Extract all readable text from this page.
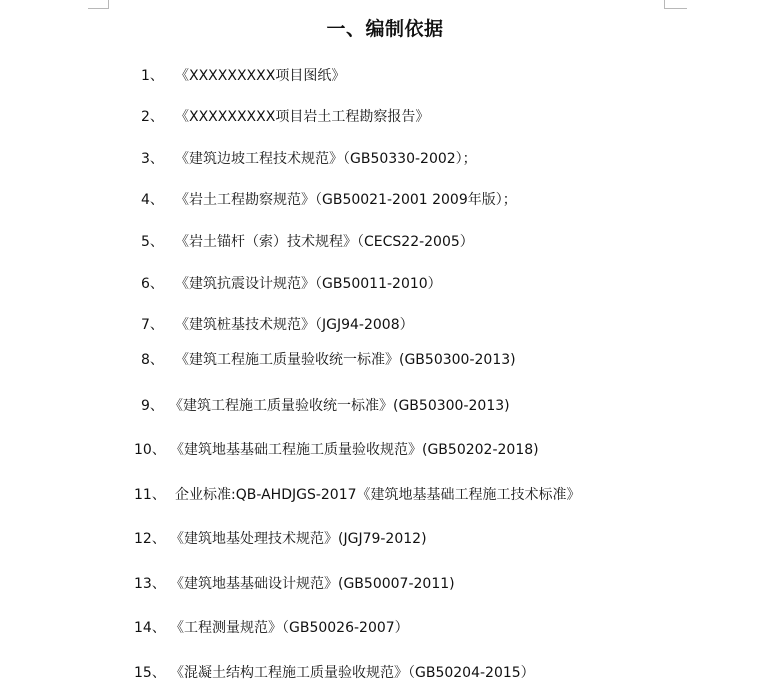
一、编制依据
1、 《XXXXXXXXX项目图纸》
2、 《XXXXXXXXX项目岩土工程勘察报告》
3、 《建筑边坡工程技术规范》（GB50330-2002）；
4、 《岩土工程勘察规范》（GB50021-2001 2009年版）；
5、 《岩土锚杆（索）技术规程》（CECS22-2005）
6、 《建筑抗震设计规范》（GB50011-2010）
7、 《建筑桩基技术规范》（JGJ94-2008）
8、 《建筑工程施工质量验收统一标准》(GB50300-2013)
9、 《建筑工程施工质量验收统一标准》(GB50300-2013)
10、 《建筑地基基础工程施工质量验收规范》(GB50202-2018)
11、 企业标准:QB-AHDJGS-2017《建筑地基基础工程施工技术标准》
12、 《建筑地基处理技术规范》(JGJ79-2012)
13、 《建筑地基基础设计规范》(GB50007-2011)
14、 《工程测量规范》（GB50026-2007）
15、 《混凝土结构工程施工质量验收规范》（GB50204-2015）
